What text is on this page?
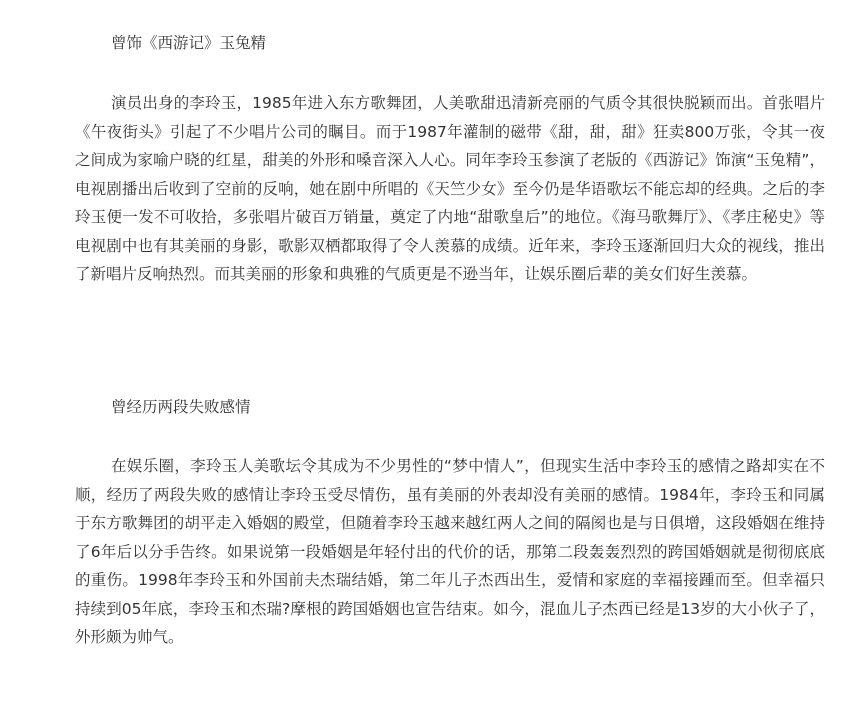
曾饰《西游记》玉兔精

演员出身的李玲玉，1985年进入东方歌舞团，人美歌甜迅清新亮丽的气质令其很快脱颖而出。首张唱片《午夜街头》引起了不少唱片公司的瞩目。而于1987年灌制的磁带《甜，甜，甜》狂卖800万张，令其一夜之间成为家喻户晓的红星，甜美的外形和嗓音深入人心。同年李玲玉参演了老版的《西游记》饰演“玉兔精”，电视剧播出后收到了空前的反响，她在剧中所唱的《天竺少女》至今仍是华语歌坛不能忘却的经典。之后的李玲玉便一发不可收拾，多张唱片破百万销量，奠定了内地“甜歌皇后”的地位。《海马歌舞厅》、《孝庄秘史》等电视剧中也有其美丽的身影，歌影双栖都取得了令人羡慕的成绩。近年来，李玲玉逐渐回归大众的视线，推出了新唱片反响热烈。而其美丽的形象和典雅的气质更是不逊当年，让娱乐圈后辈的美女们好生羡慕。

曾经历两段失败感情

在娱乐圈，李玲玉人美歌坛令其成为不少男性的“梦中情人”，但现实生活中李玲玉的感情之路却实在不顺，经历了两段失败的感情让李玲玉受尽情伤，虽有美丽的外表却没有美丽的感情。1984年，李玲玉和同属于东方歌舞团的胡平走入婚姻的殿堂，但随着李玲玉越来越红两人之间的隔阂也是与日俱增，这段婚姻在维持了6年后以分手告终。如果说第一段婚姻是年轻付出的代价的话，那第二段轰轰烈烈的跨国婚姻就是彻彻底底的重伤。1998年李玲玉和外国前夫杰瑞结婚，第二年儿子杰西出生，爱情和家庭的幸福接踵而至。但幸福只持续到05年底，李玲玉和杰瑞?摩根的跨国婚姻也宣告结束。如今，混血儿子杰西已经是13岁的大小伙子了，外形颇为帅气。
